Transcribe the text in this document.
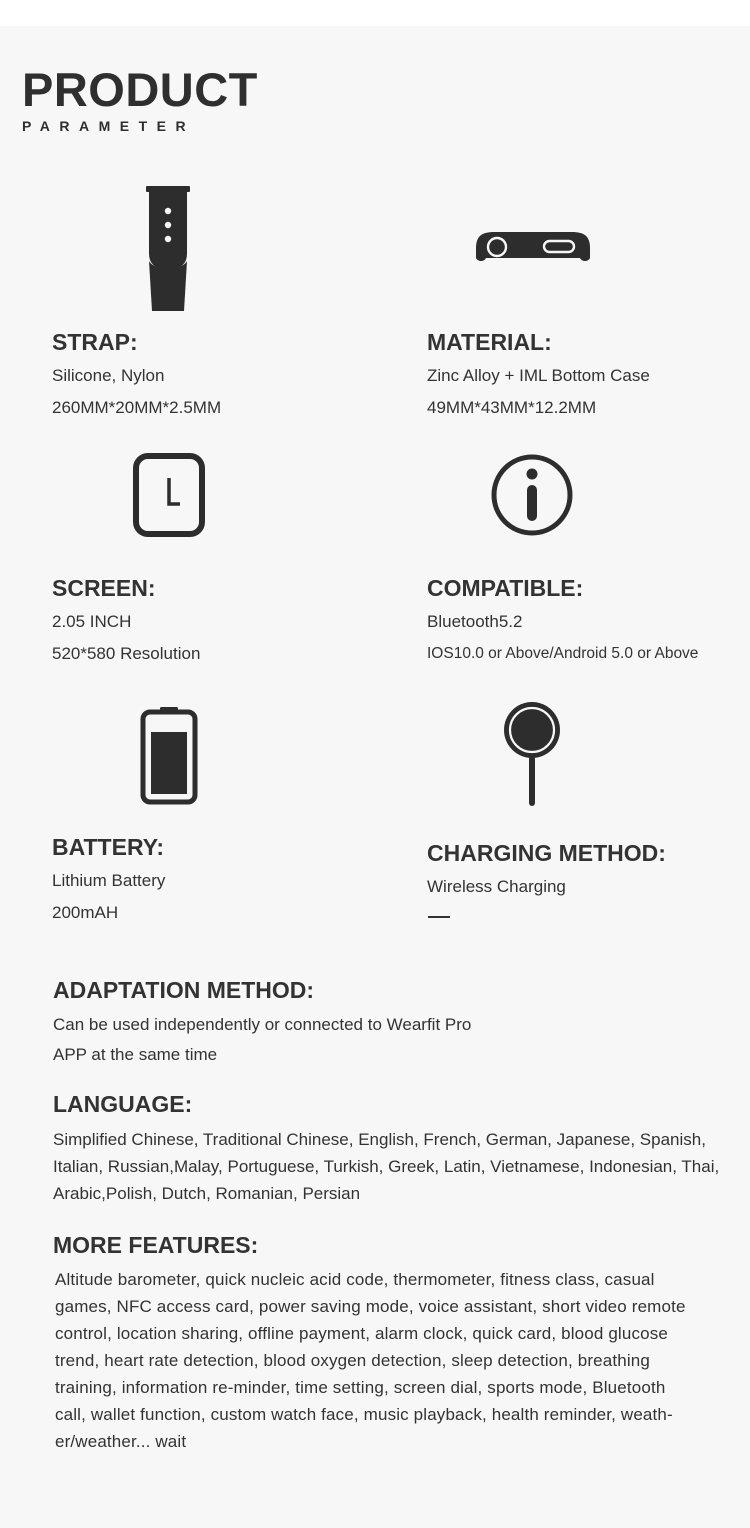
PRODUCT
PARAMETER
STRAP:
Silicone, Nylon
260MM*20MM*2.5MM
MATERIAL:
Zinc Alloy + IML Bottom Case
49MM*43MM*12.2MM
SCREEN:
2.05 INCH
520*580 Resolution
COMPATIBLE:
Bluetooth5.2
IOS10.0 or Above/Android 5.0 or Above
BATTERY:
Lithium Battery
200mAH
CHARGING METHOD:
Wireless Charging
ADAPTATION METHOD:
Can be used independently or connected to Wearfit Pro APP at the same time
LANGUAGE:
Simplified Chinese, Traditional Chinese, English, French, German, Japanese, Spanish, Italian, Russian,Malay, Portuguese, Turkish, Greek, Latin, Vietnamese, Indonesian, Thai, Arabic,Polish, Dutch, Romanian, Persian
MORE FEATURES:
Altitude barometer, quick nucleic acid code, thermometer, fitness class, casual games, NFC access card, power saving mode, voice assistant, short video remote control, location sharing, offline payment, alarm clock, quick card, blood glucose trend, heart rate detection, blood oxygen detection, sleep detection, breathing training, information re-minder, time setting, screen dial, sports mode, Bluetooth call, wallet function, custom watch face, music playback, health reminder, weath-er/weather... wait
